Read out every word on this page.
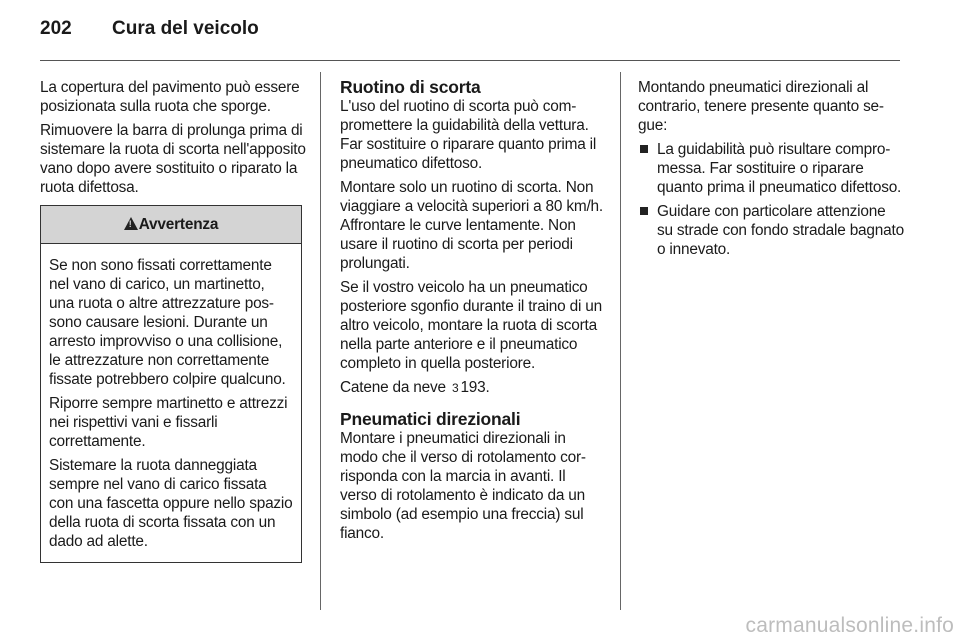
202	Cura del veicolo

La copertura del pavimento può essere posizionata sulla ruota che sporge.

Rimuovere la barra di prolunga prima di sistemare la ruota di scorta nell'apposito vano dopo avere sostituito o riparato la ruota difettosa.

!
Avvertenza

Se non sono fissati correttamente nel vano di carico, un martinetto, una ruota o altre attrezzature possono causare lesioni. Durante un arresto improvviso o una collisione, le attrezzature non correttamente fissate potrebbero colpire qualcuno.

Riporre sempre martinetto e attrezzi nei rispettivi vani e fissarli correttamente.

Sistemare la ruota danneggiata sempre nel vano di carico fissata con una fascetta oppure nello spazio della ruota di scorta fissata con un dado ad alette.

Ruotino di scorta

L'uso del ruotino di scorta può compromettere la guidabilità della vettura. Far sostituire o riparare quanto prima il pneumatico difettoso.

Montare solo un ruotino di scorta. Non viaggiare a velocità superiori a 80 km/h. Affrontare le curve lentamente. Non usare il ruotino di scorta per periodi prolungati.

Se il vostro veicolo ha un pneumatico posteriore sgonfio durante il traino di un altro veicolo, montare la ruota di scorta nella parte anteriore e il pneumatico completo in quella posteriore.

Catene da neve 3 193.

Pneumatici direzionali

Montare i pneumatici direzionali in modo che il verso di rotolamento corrisponda con la marcia in avanti. Il verso di rotolamento è indicato da un simbolo (ad esempio una freccia) sul fianco.

Montando pneumatici direzionali al contrario, tenere presente quanto segue:

La guidabilità può risultare compromessa. Far sostituire o riparare quanto prima il pneumatico difettoso.
Guidare con particolare attenzione su strade con fondo stradale bagnato o innevato.
carmanualsonline.info
